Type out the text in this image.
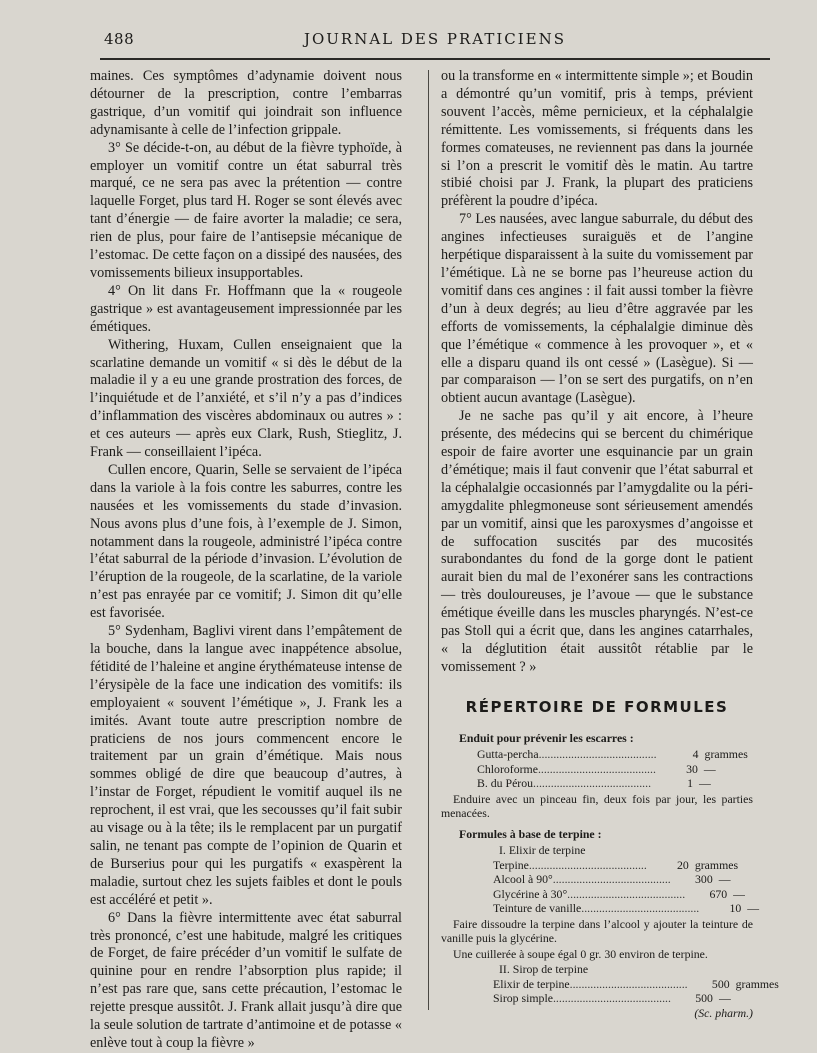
488	JOURNAL DES PRATICIENS

maines. Ces symptômes d’adynamie doivent nous détourner de la prescription, contre l’embarras gastrique, d’un vomitif qui joindrait son influence adynamisante à celle de l’infection grippale.

3° Se décide-t-on, au début de la fièvre typhoïde, à employer un vomitif contre un état saburral très marqué, ce ne sera pas avec la prétention — contre laquelle Forget, plus tard H. Roger se sont élevés avec tant d’énergie — de faire avorter la maladie; ce sera, rien de plus, pour faire de l’antisepsie mécanique de l’estomac. De cette façon on a dissipé des nausées, des vomissements bilieux insupportables.

4° On lit dans Fr. Hoffmann que la « rougeole gastrique » est avantageusement impressionnée par les émétiques.

Withering, Huxam, Cullen enseignaient que la scarlatine demande un vomitif « si dès le début de la maladie il y a eu une grande prostration des forces, de l’inquiétude et de l’anxiété, et s’il n’y a pas d’indices d’inflammation des viscères abdominaux ou autres » : et ces auteurs — après eux Clark, Rush, Stieglitz, J. Frank — conseillaient l’ipéca.

Cullen encore, Quarin, Selle se servaient de l’ipéca dans la variole à la fois contre les saburres, contre les nausées et les vomissements du stade d’invasion. Nous avons plus d’une fois, à l’exemple de J. Simon, notamment dans la rougeole, administré l’ipéca contre l’état saburral de la période d’invasion. L’évolution de l’éruption de la rougeole, de la scarlatine, de la variole n’est pas enrayée par ce vomitif; J. Simon dit qu’elle est favorisée.

5° Sydenham, Baglivi virent dans l’empâtement de la bouche, dans la langue avec inappétence absolue, fétidité de l’haleine et angine érythémateuse intense de l’érysipèle de la face une indication des vomitifs: ils employaient « souvent l’émétique », J. Frank les a imités. Avant toute autre prescription nombre de praticiens de nos jours commencent encore le traitement par un grain d’émétique. Mais nous sommes obligé de dire que beaucoup d’autres, à l’instar de Forget, répudient le vomitif auquel ils ne reprochent, il est vrai, que les secousses qu’il fait subir au visage ou à la tête; ils le remplacent par un purgatif salin, ne tenant pas compte de l’opinion de Quarin et de Burserius pour qui les purgatifs « exaspèrent la maladie, surtout chez les sujets faibles et dont le pouls est accéléré et petit ».

6° Dans la fièvre intermittente avec état saburral très prononcé, c’est une habitude, malgré les critiques de Forget, de faire précéder d’un vomitif le sulfate de quinine pour en rendre l’absorption plus rapide; il n’est pas rare que, sans cette précaution, l’estomac le rejette presque aussitôt. J. Frank allait jusqu’à dire que la seule solution de tartrate d’antimoine et de potasse « enlève tout à coup la fièvre »

ou la transforme en « intermittente simple »; et Boudin a démontré qu’un vomitif, pris à temps, prévient souvent l’accès, même pernicieux, et la céphalalgie rémittente. Les vomissements, si fréquents dans les formes comateuses, ne reviennent pas dans la journée si l’on a prescrit le vomitif dès le matin. Au tartre stibié choisi par J. Frank, la plupart des praticiens préfèrent la poudre d’ipéca.

7° Les nausées, avec langue saburrale, du début des angines infectieuses suraiguës et de l’angine herpétique disparaissent à la suite du vomissement par l’émétique. Là ne se borne pas l’heureuse action du vomitif dans ces angines : il fait aussi tomber la fièvre d’un à deux degrés; au lieu d’être aggravée par les efforts de vomissements, la céphalalgie diminue dès que l’émétique « commence à les provoquer », et « elle a disparu quand ils ont cessé » (Lasègue). Si — par comparaison — l’on se sert des purgatifs, on n’en obtient aucun avantage (Lasègue).

Je ne sache pas qu’il y ait encore, à l’heure présente, des médecins qui se bercent du chimérique espoir de faire avorter une esquinancie par un grain d’émétique; mais il faut convenir que l’état saburral et la céphalalgie occasionnés par l’amygdalite ou la péri-amygdalite phlegmoneuse sont sérieusement amendés par un vomitif, ainsi que les paroxysmes d’angoisse et de suffocation suscités par des mucosités surabondantes du fond de la gorge dont le patient aurait bien du mal de l’exonérer sans les contractions — très douloureuses, je l’avoue — que le substance émétique éveille dans les muscles pharyngés. N’est-ce pas Stoll qui a écrit que, dans les angines catarrhales, « la déglutition était aussitôt rétablie par le vomissement ? »

RÉPERTOIRE DE FORMULES

Enduit pour prévenir les escarres :

Gutta-percha ........................................	4 grammes
Chloroforme ........................................	30 —
B. du Pérou ........................................	1 —

Enduire avec un pinceau fin, deux fois par jour, les parties menacées.

Formules à base de terpine :

I. Elixir de terpine

Terpine ........................................	20 grammes
Alcool à 90° ........................................	300 —
Glycérine à 30° ........................................	670 —
Teinture de vanille ........................................	10 —

Faire dissoudre la terpine dans l’alcool y ajouter la teinture de vanille puis la glycérine.

Une cuillerée à soupe égal 0 gr. 30 environ de terpine.

II. Sirop de terpine

Elixir de terpine ........................................	500 grammes
Sirop simple ........................................	500 —

(Sc. pharm.)
